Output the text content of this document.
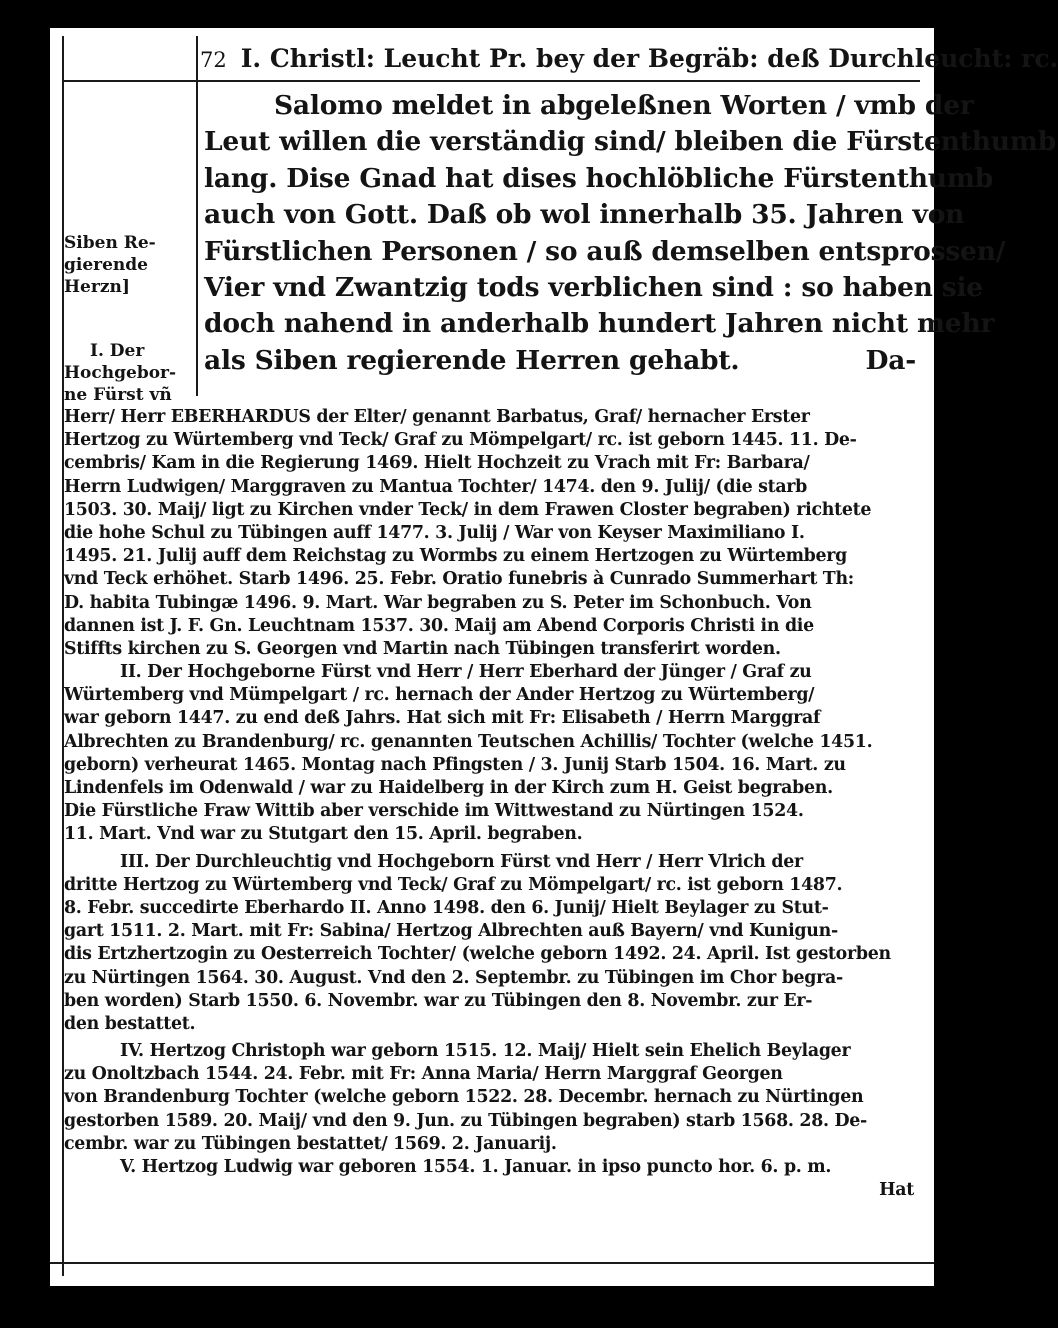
72 I. Christl: Leucht Pr. bey der Begräb: deß Durchleucht: rc.
Salomo meldet in abgeleßnen Worten / vmb der
Leut willen die verständig sind/ bleiben die Fürstenthumb
lang. Dise Gnad hat dises hochlöbliche Fürstenthumb
auch von Gott. Daß ob wol innerhalb 35. Jahren von
Fürstlichen Personen / so auß demselben entsprossen/
Vier vnd Zwantzig tods verblichen sind : so haben sie
doch nahend in anderhalb hundert Jahren nicht mehr
als Siben regierende Herren gehabt.	Da-
Siben Re-
gierende
Herzn]
I. Der
Hochgebor-
ne Fürst vñ
Herr/ Herr EBERHARDUS der Elter/ genannt Barbatus, Graf/ hernacher Erster
Hertzog zu Würtemberg vnd Teck/ Graf zu Mömpelgart/ rc. ist geborn 1445. 11. De-
cembris/ Kam in die Regierung 1469. Hielt Hochzeit zu Vrach mit Fr: Barbara/
Herrn Ludwigen/ Marggraven zu Mantua Tochter/ 1474. den 9. Julij/ (die starb
1503. 30. Maij/ ligt zu Kirchen vnder Teck/ in dem Frawen Closter begraben) richtete
die hohe Schul zu Tübingen auff 1477. 3. Julij / War von Keyser Maximiliano I.
1495. 21. Julij auff dem Reichstag zu Wormbs zu einem Hertzogen zu Würtemberg
vnd Teck erhöhet. Starb 1496. 25. Febr. Oratio funebris à Cunrado Summerhart Th:
D. habita Tubingæ 1496. 9. Mart. War begraben zu S. Peter im Schonbuch. Von
dannen ist J. F. Gn. Leuchtnam 1537. 30. Maij am Abend Corporis Christi in die
Stiffts kirchen zu S. Georgen vnd Martin nach Tübingen transferirt worden.
II. Der Hochgeborne Fürst vnd Herr / Herr Eberhard der Jünger / Graf zu
Würtemberg vnd Mümpelgart / rc. hernach der Ander Hertzog zu Würtemberg/
war geborn 1447. zu end deß Jahrs. Hat sich mit Fr: Elisabeth / Herrn Marggraf
Albrechten zu Brandenburg/ rc. genannten Teutschen Achillis/ Tochter (welche 1451.
geborn) verheurat 1465. Montag nach Pfingsten / 3. Junij Starb 1504. 16. Mart. zu
Lindenfels im Odenwald / war zu Haidelberg in der Kirch zum H. Geist begraben.
Die Fürstliche Fraw Wittib aber verschide im Wittwestand zu Nürtingen 1524.
11. Mart. Vnd war zu Stutgart den 15. April. begraben.
III. Der Durchleuchtig vnd Hochgeborn Fürst vnd Herr / Herr Vlrich der
dritte Hertzog zu Würtemberg vnd Teck/ Graf zu Mömpelgart/ rc. ist geborn 1487.
8. Febr. succedirte Eberhardo II. Anno 1498. den 6. Junij/ Hielt Beylager zu Stut-
gart 1511. 2. Mart. mit Fr: Sabina/ Hertzog Albrechten auß Bayern/ vnd Kunigun-
dis Ertzhertzogin zu Oesterreich Tochter/ (welche geborn 1492. 24. April. Ist gestorben
zu Nürtingen 1564. 30. August. Vnd den 2. Septembr. zu Tübingen im Chor begra-
ben worden) Starb 1550. 6. Novembr. war zu Tübingen den 8. Novembr. zur Er-
den bestattet.
IV. Hertzog Christoph war geborn 1515. 12. Maij/ Hielt sein Ehelich Beylager
zu Onoltzbach 1544. 24. Febr. mit Fr: Anna Maria/ Herrn Marggraf Georgen
von Brandenburg Tochter (welche geborn 1522. 28. Decembr. hernach zu Nürtingen
gestorben 1589. 20. Maij/ vnd den 9. Jun. zu Tübingen begraben) starb 1568. 28. De-
cembr. war zu Tübingen bestattet/ 1569. 2. Januarij.
V. Hertzog Ludwig war geboren 1554. 1. Januar. in ipso puncto hor. 6. p. m.
Hat
